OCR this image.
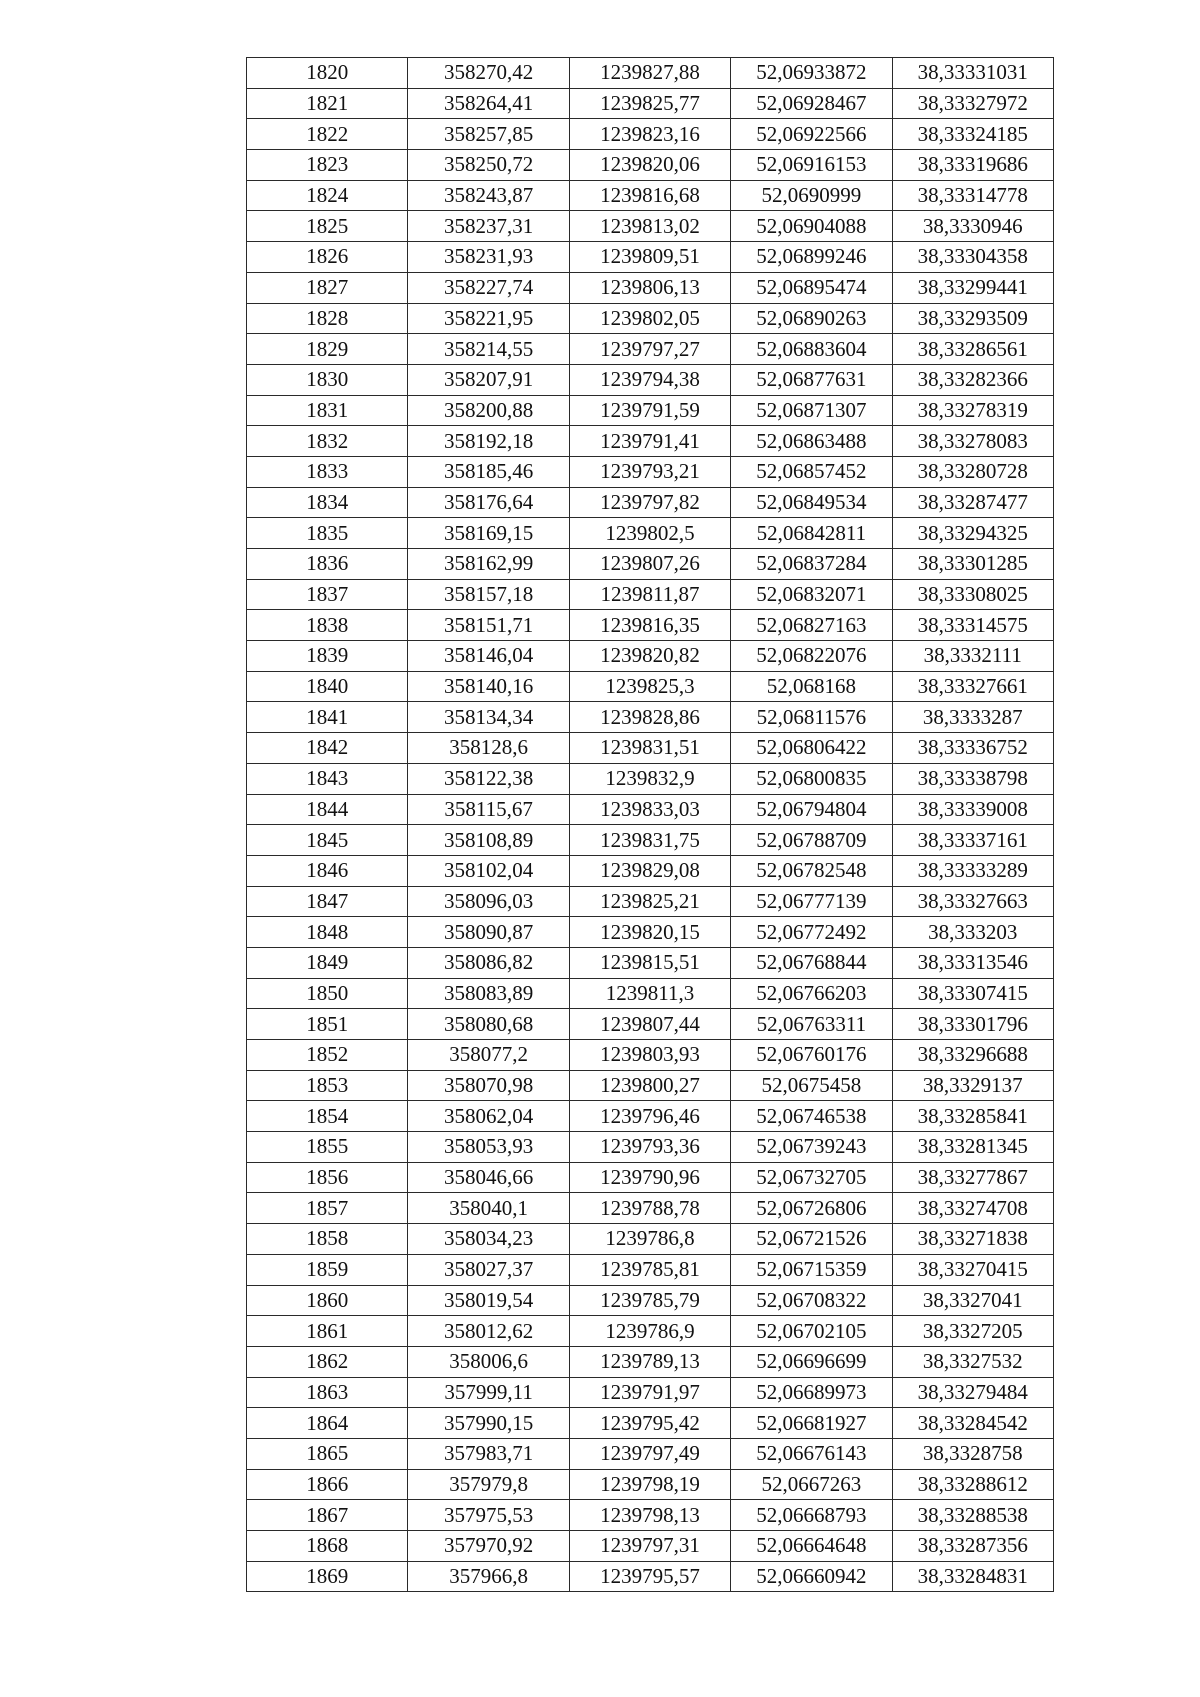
1820	358270,42	1239827,88	52,06933872	38,33331031
1821	358264,41	1239825,77	52,06928467	38,33327972
1822	358257,85	1239823,16	52,06922566	38,33324185
1823	358250,72	1239820,06	52,06916153	38,33319686
1824	358243,87	1239816,68	52,0690999	38,33314778
1825	358237,31	1239813,02	52,06904088	38,3330946
1826	358231,93	1239809,51	52,06899246	38,33304358
1827	358227,74	1239806,13	52,06895474	38,33299441
1828	358221,95	1239802,05	52,06890263	38,33293509
1829	358214,55	1239797,27	52,06883604	38,33286561
1830	358207,91	1239794,38	52,06877631	38,33282366
1831	358200,88	1239791,59	52,06871307	38,33278319
1832	358192,18	1239791,41	52,06863488	38,33278083
1833	358185,46	1239793,21	52,06857452	38,33280728
1834	358176,64	1239797,82	52,06849534	38,33287477
1835	358169,15	1239802,5	52,06842811	38,33294325
1836	358162,99	1239807,26	52,06837284	38,33301285
1837	358157,18	1239811,87	52,06832071	38,33308025
1838	358151,71	1239816,35	52,06827163	38,33314575
1839	358146,04	1239820,82	52,06822076	38,3332111
1840	358140,16	1239825,3	52,068168	38,33327661
1841	358134,34	1239828,86	52,06811576	38,3333287
1842	358128,6	1239831,51	52,06806422	38,33336752
1843	358122,38	1239832,9	52,06800835	38,33338798
1844	358115,67	1239833,03	52,06794804	38,33339008
1845	358108,89	1239831,75	52,06788709	38,33337161
1846	358102,04	1239829,08	52,06782548	38,33333289
1847	358096,03	1239825,21	52,06777139	38,33327663
1848	358090,87	1239820,15	52,06772492	38,333203
1849	358086,82	1239815,51	52,06768844	38,33313546
1850	358083,89	1239811,3	52,06766203	38,33307415
1851	358080,68	1239807,44	52,06763311	38,33301796
1852	358077,2	1239803,93	52,06760176	38,33296688
1853	358070,98	1239800,27	52,0675458	38,3329137
1854	358062,04	1239796,46	52,06746538	38,33285841
1855	358053,93	1239793,36	52,06739243	38,33281345
1856	358046,66	1239790,96	52,06732705	38,33277867
1857	358040,1	1239788,78	52,06726806	38,33274708
1858	358034,23	1239786,8	52,06721526	38,33271838
1859	358027,37	1239785,81	52,06715359	38,33270415
1860	358019,54	1239785,79	52,06708322	38,3327041
1861	358012,62	1239786,9	52,06702105	38,3327205
1862	358006,6	1239789,13	52,06696699	38,3327532
1863	357999,11	1239791,97	52,06689973	38,33279484
1864	357990,15	1239795,42	52,06681927	38,33284542
1865	357983,71	1239797,49	52,06676143	38,3328758
1866	357979,8	1239798,19	52,0667263	38,33288612
1867	357975,53	1239798,13	52,06668793	38,33288538
1868	357970,92	1239797,31	52,06664648	38,33287356
1869	357966,8	1239795,57	52,06660942	38,33284831
